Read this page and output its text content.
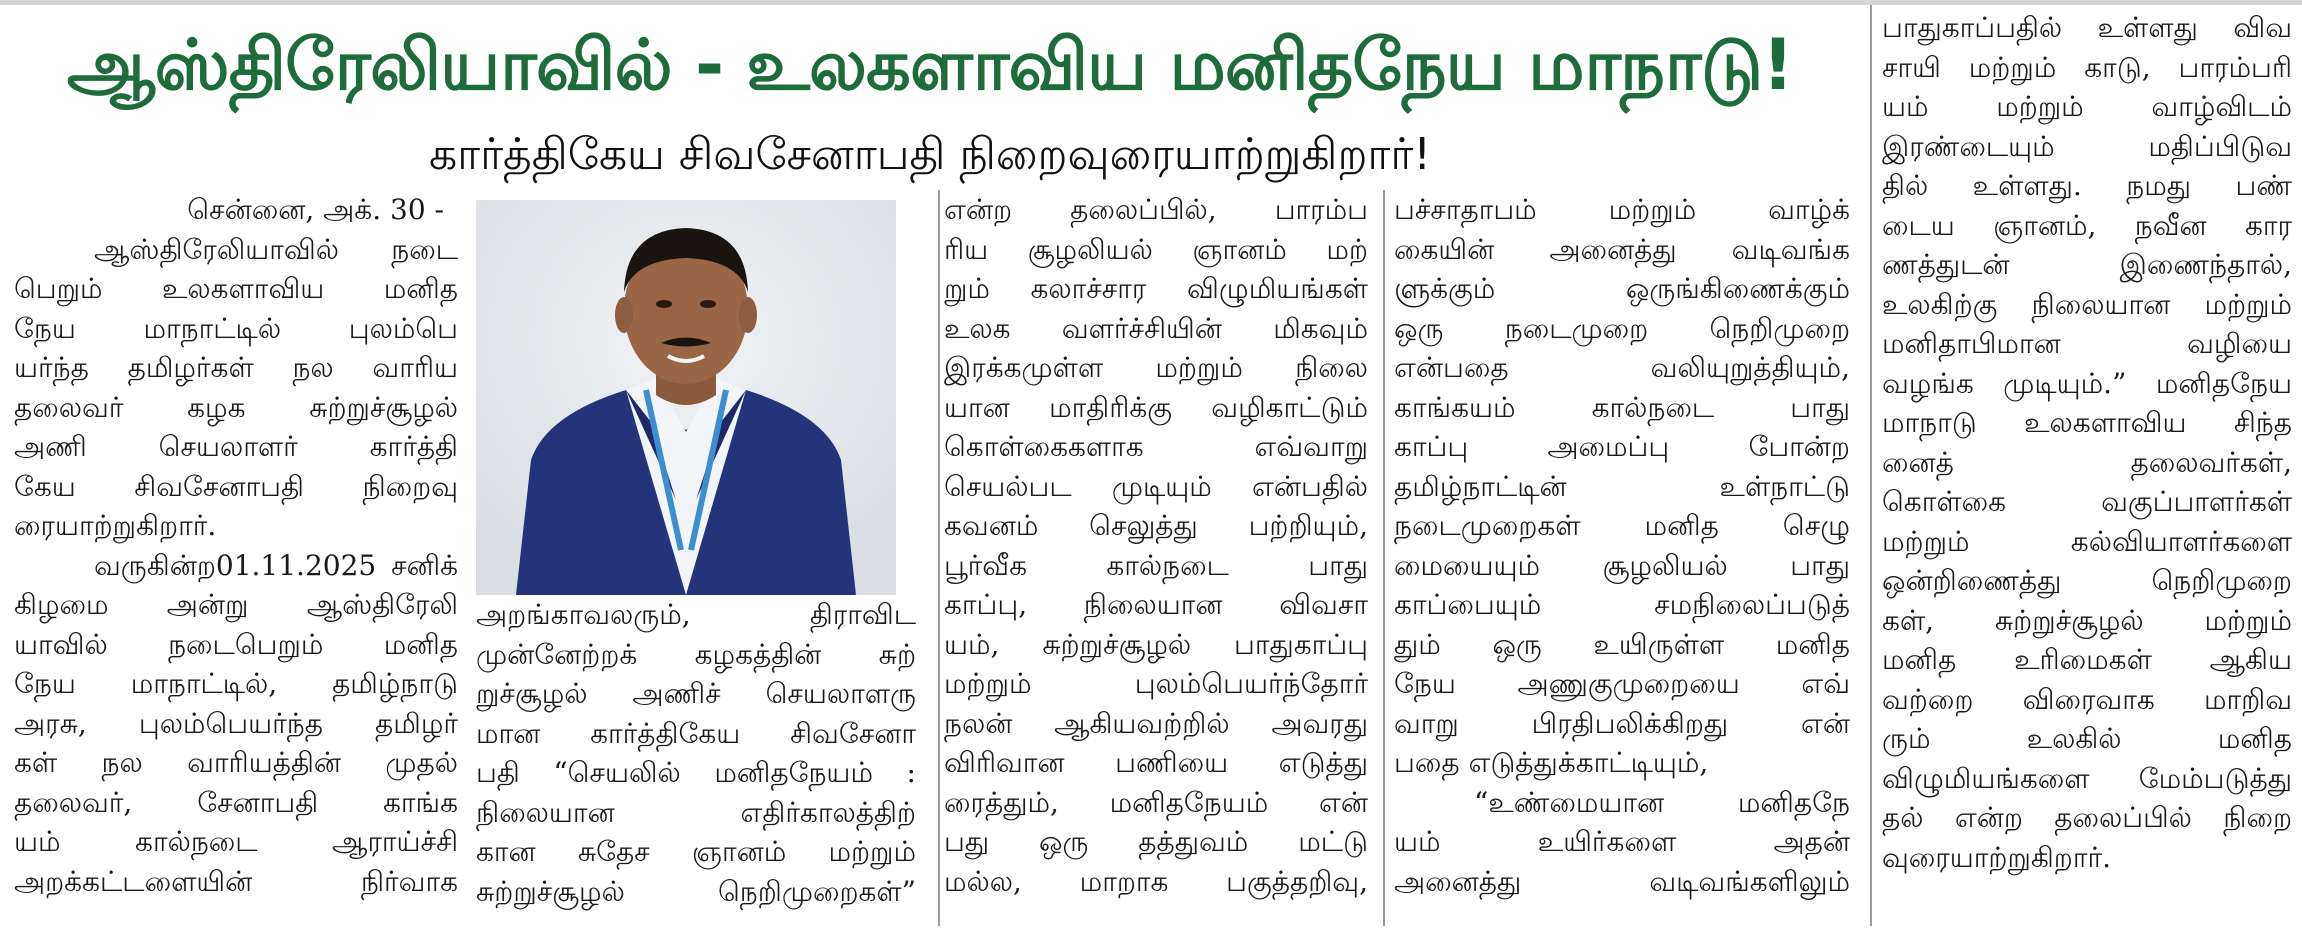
ஆஸ்திரேலியாவில் - உலகளாவிய மனிதநேய மாநாடு!
கார்த்திகேய சிவசேனாபதி நிறைவுரையாற்றுகிறார்!
சென்னை, அக். 30 -
ஆஸ்திரேலியாவில் நடை
பெறும் உலகளாவிய மனித
நேய மாநாட்டில் புலம்பெ
யர்ந்த தமிழர்கள் நல வாரிய
தலைவர் கழக சுற்றுச்சூழல்
அணி செயலாளர் கார்த்தி
கேய சிவசேனாபதி நிறைவு
ரையாற்றுகிறார்.
வருகின்ற01.11.2025 சனிக்
கிழமை அன்று ஆஸ்திரேலி
யாவில் நடைபெறும் மனித
நேய மாநாட்டில், தமிழ்நாடு
அரசு, புலம்பெயர்ந்த தமிழர்
கள் நல வாரியத்தின் முதல்
தலைவர், சேனாபதி காங்க
யம் கால்நடை ஆராய்ச்சி
அறக்கட்டளையின் நிர்வாக
அறங்காவலரும், திராவிட
முன்னேற்றக் கழகத்தின் சுற்
றுச்சூழல் அணிச் செயலாளரு
மான கார்த்திகேய சிவசேனா
பதி “செயலில் மனிதநேயம் :
நிலையான எதிர்காலத்திற்
கான சுதேச ஞானம் மற்றும்
சுற்றுச்சூழல் நெறிமுறைகள்”
என்ற தலைப்பில், பாரம்ப
ரிய சூழலியல் ஞானம் மற்
றும் கலாச்சார விழுமியங்கள்
உலக வளர்ச்சியின் மிகவும்
இரக்கமுள்ள மற்றும் நிலை
யான மாதிரிக்கு வழிகாட்டும்
கொள்கைகளாக எவ்வாறு
செயல்பட முடியும் என்பதில்
கவனம் செலுத்து பற்றியும்,
பூர்வீக கால்நடை பாது
காப்பு, நிலையான விவசா
யம், சுற்றுச்சூழல் பாதுகாப்பு
மற்றும் புலம்பெயர்ந்தோர்
நலன் ஆகியவற்றில் அவரது
விரிவான பணியை எடுத்து
ரைத்தும், மனிதநேயம் என்
பது ஒரு தத்துவம் மட்டு
மல்ல, மாறாக பகுத்தறிவு,
பச்சாதாபம் மற்றும் வாழ்க்
கையின் அனைத்து வடிவங்க
ளுக்கும் ஒருங்கிணைக்கும்
ஒரு நடைமுறை நெறிமுறை
என்பதை வலியுறுத்தியும்,
காங்கயம் கால்நடை பாது
காப்பு அமைப்பு போன்ற
தமிழ்நாட்டின் உள்நாட்டு
நடைமுறைகள் மனித செழு
மையையும் சூழலியல் பாது
காப்பையும் சமநிலைப்படுத்
தும் ஒரு உயிருள்ள மனித
நேய அணுகுமுறையை எவ்
வாறு பிரதிபலிக்கிறது என்
பதை எடுத்துக்காட்டியும்,
“உண்மையான மனிதநே
யம் உயிர்களை அதன்
அனைத்து வடிவங்களிலும்
பாதுகாப்பதில் உள்ளது விவ
சாயி மற்றும் காடு, பாரம்பரி
யம் மற்றும் வாழ்விடம்
இரண்டையும் மதிப்பிடுவ
தில் உள்ளது. நமது பண்
டைய ஞானம், நவீன கார
ணத்துடன் இணைந்தால்,
உலகிற்கு நிலையான மற்றும்
மனிதாபிமான வழியை
வழங்க முடியும்.” மனிதநேய
மாநாடு உலகளாவிய சிந்த
னைத் தலைவர்கள்,
கொள்கை வகுப்பாளர்கள்
மற்றும் கல்வியாளர்களை
ஒன்றிணைத்து நெறிமுறை
கள், சுற்றுச்சூழல் மற்றும்
மனித உரிமைகள் ஆகிய
வற்றை விரைவாக மாறிவ
ரும் உலகில் மனித
விழுமியங்களை மேம்படுத்து
தல் என்ற தலைப்பில் நிறை
வுரையாற்றுகிறார்.
